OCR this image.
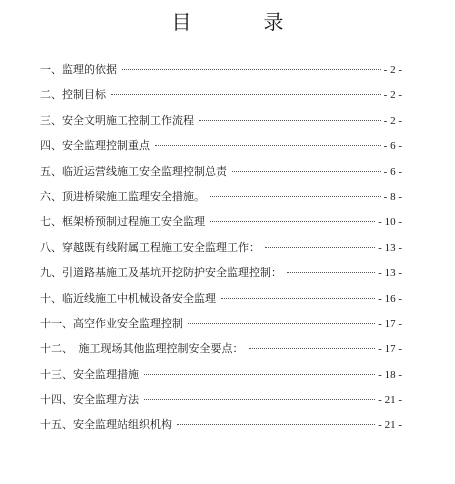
目　录
一、监理的依据	- 2 -
二、控制目标	- 2 -
三、安全文明施工控制工作流程	- 2 -
四、安全监理控制重点	- 6 -
五、临近运营线施工安全监理控制总责	- 6 -
六、顶进桥梁施工监理安全措施。	- 8 -
七、框架桥预制过程施工安全监理	- 10 -
八、穿越既有线附属工程施工安全监理工作：	- 13 -
九、引道路基施工及基坑开挖防护安全监理控制：	- 13 -
十、临近线施工中机械设备安全监理	- 16 -
十一、高空作业安全监理控制	- 17 -
十二、　施工现场其他监理控制安全要点：	- 17 -
十三、安全监理措施	- 18 -
十四、安全监理方法	- 21 -
十五、安全监理站组织机构	- 21 -
